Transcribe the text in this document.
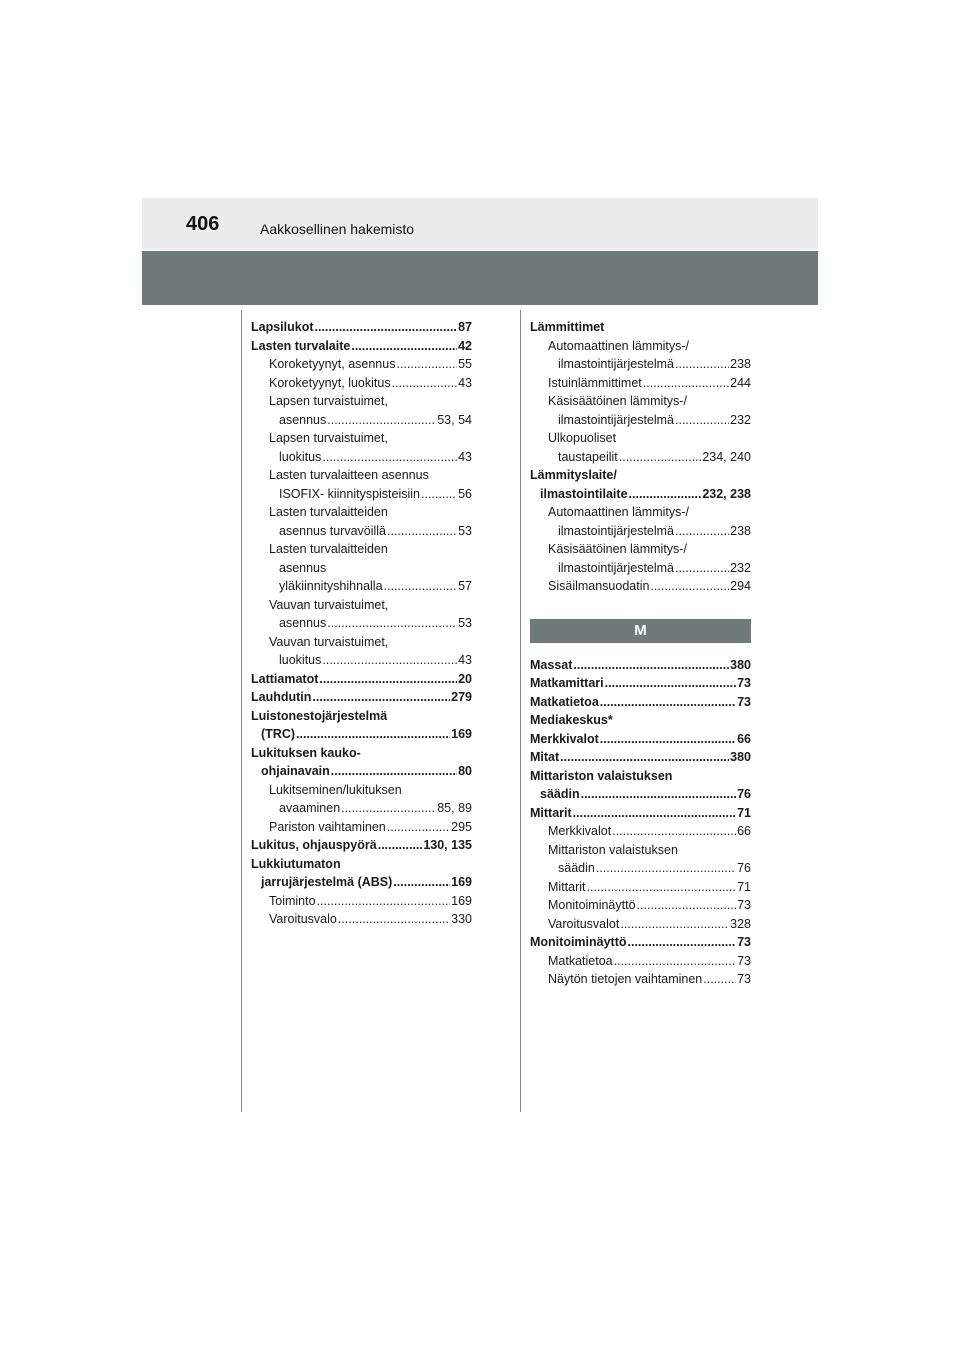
406	Aakkosellinen hakemisto
Lapsilukot .....	87
Lasten turvalaite .....	42
Koroketyynyt, asennus .....	55
Koroketyynyt, luokitus .....	43
Lapsen turvaistuimet,
asennus .....	53, 54
Lapsen turvaistuimet,
luokitus .....	43
Lasten turvalaitteen asennus
ISOFIX- kiinnityspisteisiin .....	56
Lasten turvalaitteiden
asennus turvavöillä .....	53
Lasten turvalaitteiden
asennus
yläkiinnityshihnalla .....	57
Vauvan turvaistuimet,
asennus .....	53
Vauvan turvaistuimet,
luokitus .....	43
Lattiamatot .....	20
Lauhdutin .....	279
Luistonestojärjestelmä
(TRC) .....	169
Lukituksen kauko-
ohjainavain .....	80
Lukitseminen/lukituksen
avaaminen .....	85, 89
Pariston vaihtaminen .....	295
Lukitus, ohjauspyörä .....	130, 135
Lukkiutumaton
jarrujärjestelmä (ABS) .....	169
Toiminto .....	169
Varoitusvalo .....	330
Lämmittimet
Automaattinen lämmitys-/
ilmastointijärjestelmä .....	238
Istuinlämmittimet .....	244
Käsisäätöinen lämmitys-/
ilmastointijärjestelmä .....	232
Ulkopuoliset
taustapeilit .....	234, 240
Lämmityslaite/
ilmastointilaite .....	232, 238
Automaattinen lämmitys-/
ilmastointijärjestelmä .....	238
Käsisäätöinen lämmitys-/
ilmastointijärjestelmä .....	232
Sisäilmansuodatin .....	294
M
Massat .....	380
Matkamittari .....	73
Matkatietoa .....	73
Mediakeskus*
Merkkivalot .....	66
Mitat .....	380
Mittariston valaistuksen
säädin .....	76
Mittarit .....	71
Merkkivalot .....	66
Mittariston valaistuksen
säädin .....	76
Mittarit .....	71
Monitoiminäyttö .....	73
Varoitusvalot .....	328
Monitoiminäyttö .....	73
Matkatietoa .....	73
Näytön tietojen vaihtaminen .....	73
